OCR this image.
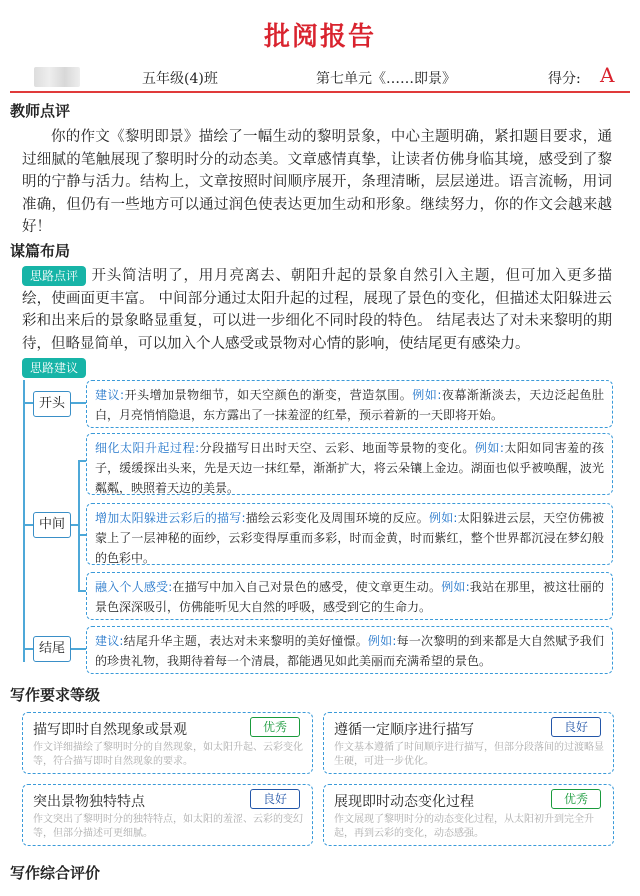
批阅报告
五年级(4)班	第七单元《……即景》	得分: A
教师点评
你的作文《黎明即景》描绘了一幅生动的黎明景象，中心主题明确，紧扣题目要求，通过细腻的笔触展现了黎明时分的动态美。文章感情真挚，让读者仿佛身临其境，感受到了黎明的宁静与活力。结构上，文章按照时间顺序展开，条理清晰，层层递进。语言流畅，用词准确，但仍有一些地方可以通过润色使表达更加生动和形象。继续努力，你的作文会越来越好！
谋篇布局
思路点评 开头简洁明了，用月亮离去、朝阳升起的景象自然引入主题，但可加入更多描绘，使画面更丰富。 中间部分通过太阳升起的过程，展现了景色的变化，但描述太阳躲进云彩和出来后的景象略显重复，可以进一步细化不同时段的特色。 结尾表达了对未来黎明的期待，但略显简单，可以加入个人感受或景物对心情的影响，使结尾更有感染力。
思路建议
开头
中间
结尾
建议:开头增加景物细节，如天空颜色的渐变，营造氛围。例如:夜幕渐渐淡去，天边泛起鱼肚白，月亮悄悄隐退，东方露出了一抹羞涩的红晕，预示着新的一天即将开始。
细化太阳升起过程:分段描写日出时天空、云彩、地面等景物的变化。例如:太阳如同害羞的孩子，缓缓探出头来，先是天边一抹红晕，渐渐扩大，将云朵镶上金边。湖面也似乎被唤醒，波光粼粼，映照着天边的美景。
增加太阳躲进云彩后的描写:描绘云彩变化及周围环境的反应。例如:太阳躲进云层，天空仿佛被蒙上了一层神秘的面纱，云彩变得厚重而多彩，时而金黄，时而紫红，整个世界都沉浸在梦幻般的色彩中。
融入个人感受:在描写中加入自己对景色的感受，使文章更生动。例如:我站在那里，被这壮丽的景色深深吸引，仿佛能听见大自然的呼吸，感受到它的生命力。
建议:结尾升华主题，表达对未来黎明的美好憧憬。例如:每一次黎明的到来都是大自然赋予我们的珍贵礼物，我期待着每一个清晨，都能遇见如此美丽而充满希望的景色。
写作要求等级
描写即时自然现象或景观	优秀
作文详细描绘了黎明时分的自然现象，如太阳升起、云彩变化等，符合描写即时自然现象的要求。
遵循一定顺序进行描写	良好
作文基本遵循了时间顺序进行描写，但部分段落间的过渡略显生硬，可进一步优化。
突出景物独特特点	良好
作文突出了黎明时分的独特特点，如太阳的羞涩、云彩的变幻等，但部分描述可更细腻。
展现即时动态变化过程	优秀
作文展现了黎明时分的动态变化过程，从太阳初升到完全升起，再到云彩的变化，动态感强。
写作综合评价
